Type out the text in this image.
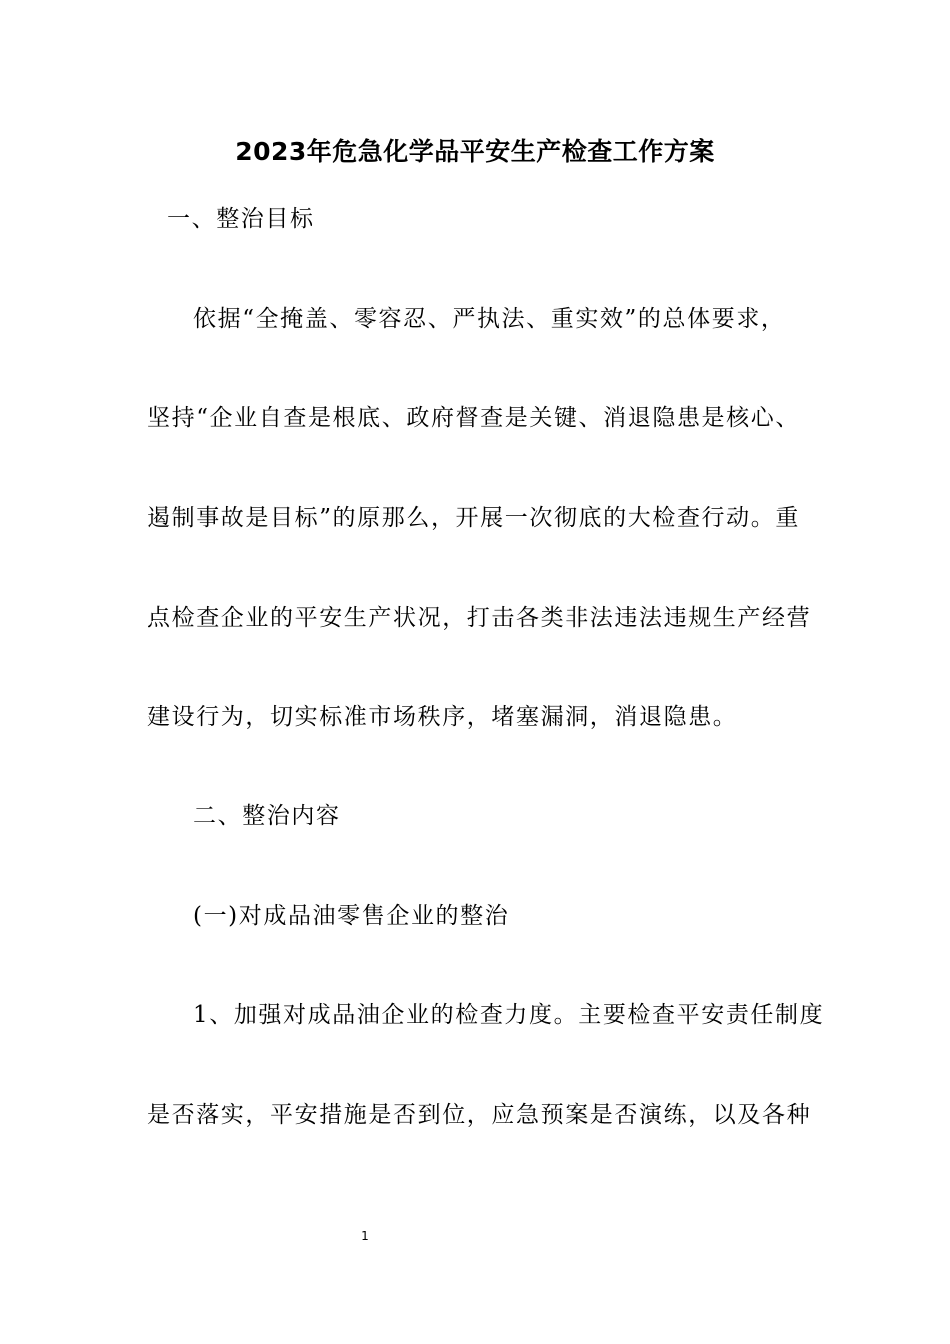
2023年危急化学品平安生产检查工作方案
一、整治目标
依据“全掩盖、零容忍、严执法、重实效”的总体要求，
坚持“企业自查是根底、政府督查是关键、消退隐患是核心、
遏制事故是目标”的原那么，开展一次彻底的大检查行动。重
点检查企业的平安生产状况，打击各类非法违法违规生产经营
建设行为，切实标准市场秩序，堵塞漏洞，消退隐患。
二、整治内容
(一)对成品油零售企业的整治
1、加强对成品油企业的检查力度。主要检查平安责任制度
是否落实，平安措施是否到位，应急预案是否演练，以及各种
1
